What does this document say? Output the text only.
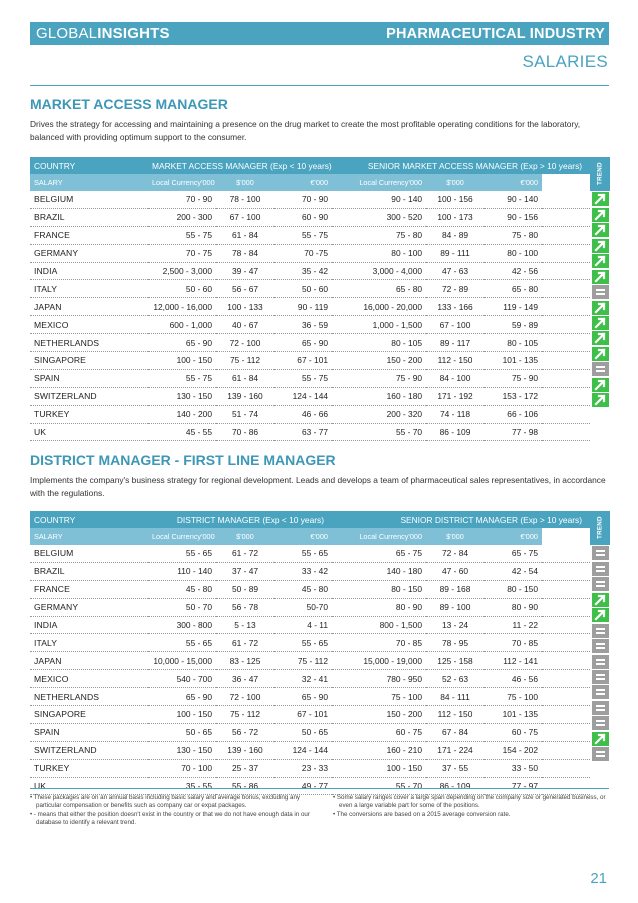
GLOBALINSIGHTS	PHARMACEUTICAL INDUSTRY
SALARIES
MARKET ACCESS MANAGER
Drives the strategy for accessing and maintaining a presence on the drug market to create the most profitable operating conditions for the laboratory, balanced with providing optimum support to the consumer.
COUNTRY	MARKET ACCESS MANAGER (Exp < 10 years)			SENIOR MARKET ACCESS MANAGER (Exp > 10 years)			
SALARY	Local Currency'000	$'000	€'000	Local Currency'000	$'000	€'000	
BELGIUM	70 - 90	78 - 100	70 - 90	90 - 140	100 - 156	90 - 140	
BRAZIL	200 - 300	67 - 100	60 - 90	300 - 520	100 - 173	90 - 156	
FRANCE	55 - 75	61 - 84	55 - 75	75 - 80	84 - 89	75 - 80	
GERMANY	70 - 75	78 - 84	70 -75	80 - 100	89 - 111	80 - 100	
INDIA	2,500 - 3,000	39 - 47	35 - 42	3,000 - 4,000	47 - 63	42 - 56	
ITALY	50 - 60	56 - 67	50 - 60	65 - 80	72 - 89	65 - 80	
JAPAN	12,000 - 16,000	100 - 133	90 - 119	16,000 - 20,000	133 - 166	119 - 149	
MEXICO	600 - 1,000	40 - 67	36 - 59	1,000 - 1,500	67 - 100	59 - 89	
NETHERLANDS	65 - 90	72 - 100	65 - 90	80 - 105	89 - 117	80 - 105	
SINGAPORE	100 - 150	75 - 112	67 - 101	150 - 200	112 - 150	101 - 135	
SPAIN	55 - 75	61 - 84	55 - 75	75 - 90	84 - 100	75 - 90	
SWITZERLAND	130 - 150	139 - 160	124 - 144	160 - 180	171 - 192	153 - 172	
TURKEY	140 - 200	51 - 74	46 - 66	200 - 320	74 - 118	66 - 106	
UK	45 - 55	70 - 86	63 - 77	55 - 70	86 - 109	77 - 98	
TREND
DISTRICT MANAGER - FIRST LINE MANAGER
Implements the company's business strategy for regional development. Leads and develops a team of pharmaceutical sales representatives, in accordance with the regulations.
COUNTRY	DISTRICT MANAGER (Exp < 10 years)			SENIOR DISTRICT MANAGER (Exp > 10 years)			
SALARY	Local Currency'000	$'000	€'000	Local Currency'000	$'000	€'000	
BELGIUM	55 - 65	61 - 72	55 - 65	65 - 75	72 - 84	65 - 75	
BRAZIL	110 - 140	37 - 47	33 - 42	140 - 180	47 - 60	42 - 54	
FRANCE	45 - 80	50 - 89	45 - 80	80 - 150	89 - 168	80 - 150	
GERMANY	50 - 70	56 - 78	50-70	80 - 90	89 - 100	80 - 90	
INDIA	300 - 800	5 - 13	4 - 11	800 - 1,500	13 - 24	11 - 22	
ITALY	55 - 65	61 - 72	55 - 65	70 - 85	78 - 95	70 - 85	
JAPAN	10,000 - 15,000	83 - 125	75 - 112	15,000 - 19,000	125 - 158	112 - 141	
MEXICO	540 - 700	36 - 47	32 - 41	780 - 950	52 - 63	46 - 56	
NETHERLANDS	65 - 90	72 - 100	65 - 90	75 - 100	84 - 111	75 - 100	
SINGAPORE	100 - 150	75 - 112	67 - 101	150 - 200	112 - 150	101 - 135	
SPAIN	50 - 65	56 - 72	50 - 65	60 - 75	67 - 84	60 - 75	
SWITZERLAND	130 - 150	139 - 160	124 - 144	160 - 210	171 - 224	154 - 202	
TURKEY	70 - 100	25 - 37	23 - 33	100 - 150	37 - 55	33 - 50	
UK	35 - 55	55 - 86	49 - 77	55 - 70	86 - 109	77 - 97	
TREND

• These packages are on an annual basis including basic salary and average bonus, excluding any particular compensation or benefits such as company car or expat packages.

• - means that either the position doesn't exist in the country or that we do not have enough data in our database to identify a relevant trend.

• Some salary ranges cover a large span depending on the company size or generated business, or even a large variable part for some of the positions.

• The conversions are based on a 2015 average conversion rate.

21
